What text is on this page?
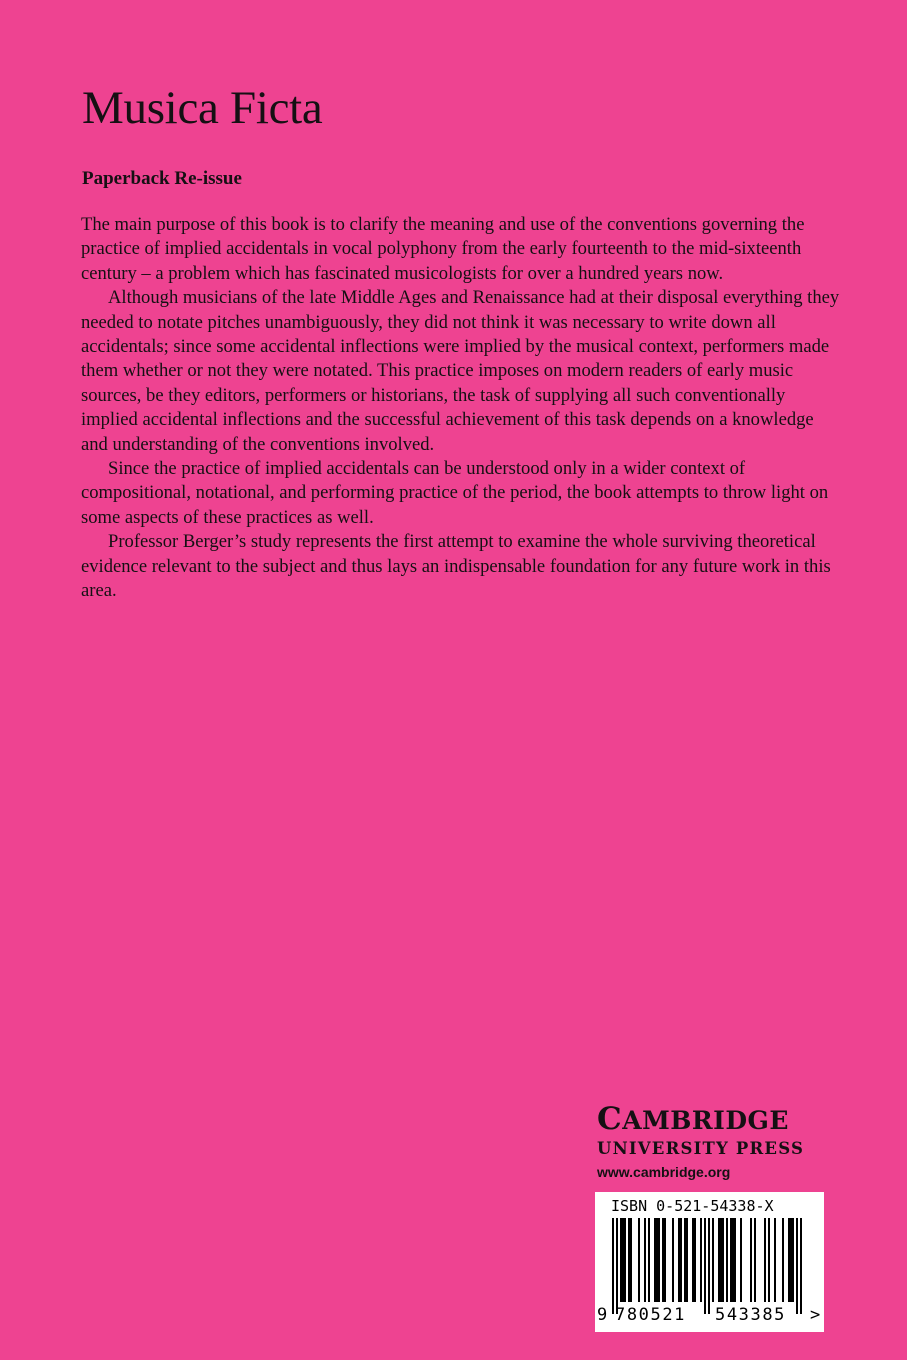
Musica Ficta
Paperback Re-issue

The main purpose of this book is to clarify the meaning and use of the conventions governing the practice of implied accidentals in vocal polyphony from the early fourteenth to the mid-sixteenth century – a problem which has fascinated musicologists for over a hundred years now.

Although musicians of the late Middle Ages and Renaissance had at their disposal everything they needed to notate pitches unambiguously, they did not think it was necessary to write down all accidentals; since some accidental inflections were implied by the musical context, performers made them whether or not they were notated. This practice imposes on modern readers of early music sources, be they editors, performers or historians, the task of supplying all such conventionally implied accidental inflections and the successful achievement of this task depends on a knowledge and understanding of the conventions involved.

Since the practice of implied accidentals can be understood only in a wider context of compositional, notational, and performing practice of the period, the book attempts to throw light on some aspects of these practices as well.

Professor Berger’s study represents the first attempt to examine the whole surviving theoretical evidence relevant to the subject and thus lays an indispensable foundation for any future work in this area.

CAMBRIDGE
UNIVERSITY PRESS
www.cambridge.org
ISBN 0-521-54338-X
9 780521 543385 >
